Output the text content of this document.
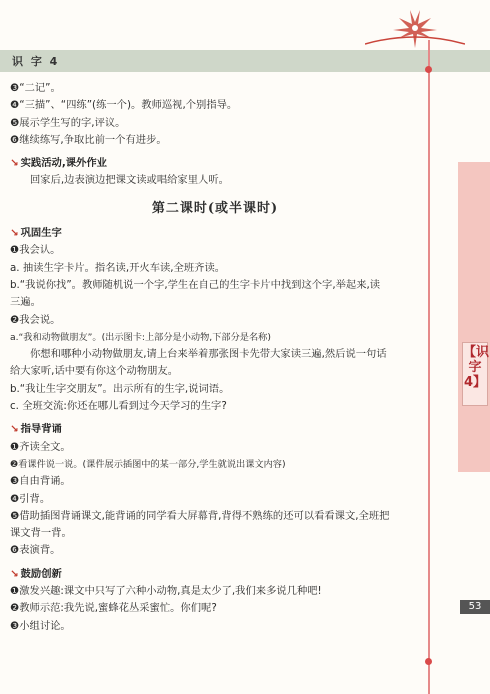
识 字 4
【识字4】
53
❸“二记”。
❹“三描”、“四练”(练一个)。教师巡视,个别指导。
❺展示学生写的字,评议。
❻继续练写,争取比前一个有进步。
↘ 实践活动,课外作业
回家后,边表演边把课文读或唱给家里人听。
第二课时(或半课时)
↘ 巩固生字
❶我会认。
a. 抽读生字卡片。指名读,开火车读,全班齐读。
b.“我说你找”。教师随机说一个字,学生在自己的生字卡片中找到这个字,举起来,读
三遍。
❷我会说。
a.“我和动物做朋友”。(出示图卡:上部分是小动物,下部分是名称)
你想和哪种小动物做朋友,请上台来举着那张图卡先带大家读三遍,然后说一句话
给大家听,话中要有你这个动物朋友。
b.“我让生字交朋友”。出示所有的生字,说词语。
c. 全班交流:你还在哪儿看到过今天学习的生字?
↘ 指导背诵
❶齐读全文。
❷看课件说一说。(课件展示插图中的某一部分,学生就说出课文内容)
❸自由背诵。
❹引背。
❺借助插图背诵课文,能背诵的同学看大屏幕背,背得不熟练的还可以看看课文,全班把
课文背一背。
❻表演背。
↘ 鼓励创新
❶激发兴趣:课文中只写了六种小动物,真是太少了,我们来多说几种吧!
❷教师示范:我先说,蜜蜂花丛采蜜忙。你们呢?
❸小组讨论。
